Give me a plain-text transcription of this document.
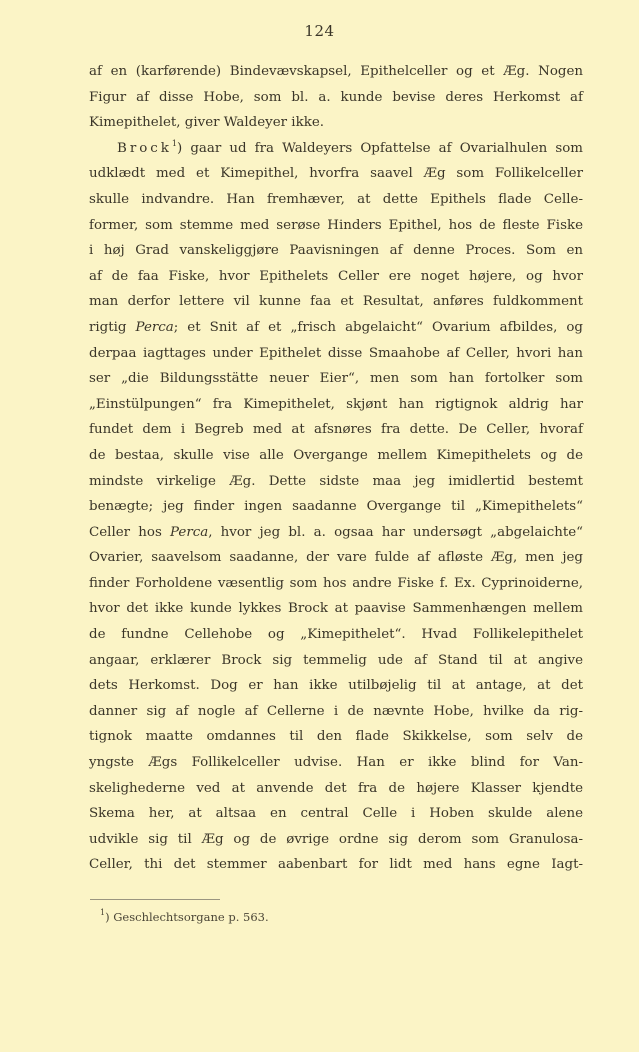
124
af en (karførende) Bindevævskapsel, Epithelceller og et Æg. Nogen
Figur af disse Hobe, som bl. a. kunde bevise deres Herkomst af
Kimepithelet, giver Waldeyer ikke.
Brock$^1$) gaar ud fra Waldeyers Opfattelse af Ovarialhulen som
udklædt med et Kimepithel, hvorfra saavel Æg som Follikelceller
skulle indvandre. Han fremhæver, at dette Epithels flade Celle-
former, som stemme med serøse Hinders Epithel, hos de fleste Fiske
i høj Grad vanskeliggjøre Paavisningen af denne Proces. Som en
af de faa Fiske, hvor Epithelets Celler ere noget højere, og hvor
man derfor lettere vil kunne faa et Resultat, anføres fuldkomment
rigtig Perca; et Snit af et „frisch abgelaicht“ Ovarium afbildes, og
derpaa iagttages under Epithelet disse Smaahobe af Celler, hvori han
ser „die Bildungsstätte neuer Eier“, men som han fortolker som
„Einstülpungen“ fra Kimepithelet, skjønt han rigtignok aldrig har
fundet dem i Begreb med at afsnøres fra dette. De Celler, hvoraf
de bestaa, skulle vise alle Overgange mellem Kimepithelets og de
mindste virkelige Æg. Dette sidste maa jeg imidlertid bestemt
benægte; jeg finder ingen saadanne Overgange til „Kimepithelets“
Celler hos Perca, hvor jeg bl. a. ogsaa har undersøgt „abgelaichte“
Ovarier, saavelsom saadanne, der vare fulde af afløste Æg, men jeg
finder Forholdene væsentlig som hos andre Fiske f. Ex. Cyprinoiderne,
hvor det ikke kunde lykkes Brock at paavise Sammenhængen mellem
de fundne Cellehobe og „Kimepithelet“. Hvad Follikelepithelet
angaar, erklærer Brock sig temmelig ude af Stand til at angive
dets Herkomst. Dog er han ikke utilbøjelig til at antage, at det
danner sig af nogle af Cellerne i de nævnte Hobe, hvilke da rig-
tignok maatte omdannes til den flade Skikkelse, som selv de
yngste Ægs Follikelceller udvise. Han er ikke blind for Van-
skelighederne ved at anvende det fra de højere Klasser kjendte
Skema her, at altsaa en central Celle i Hoben skulde alene
udvikle sig til Æg og de øvrige ordne sig derom som Granulosa-
Celler, thi det stemmer aabenbart for lidt med hans egne Iagt-
$^1$) Geschlechtsorgane p. 563.
